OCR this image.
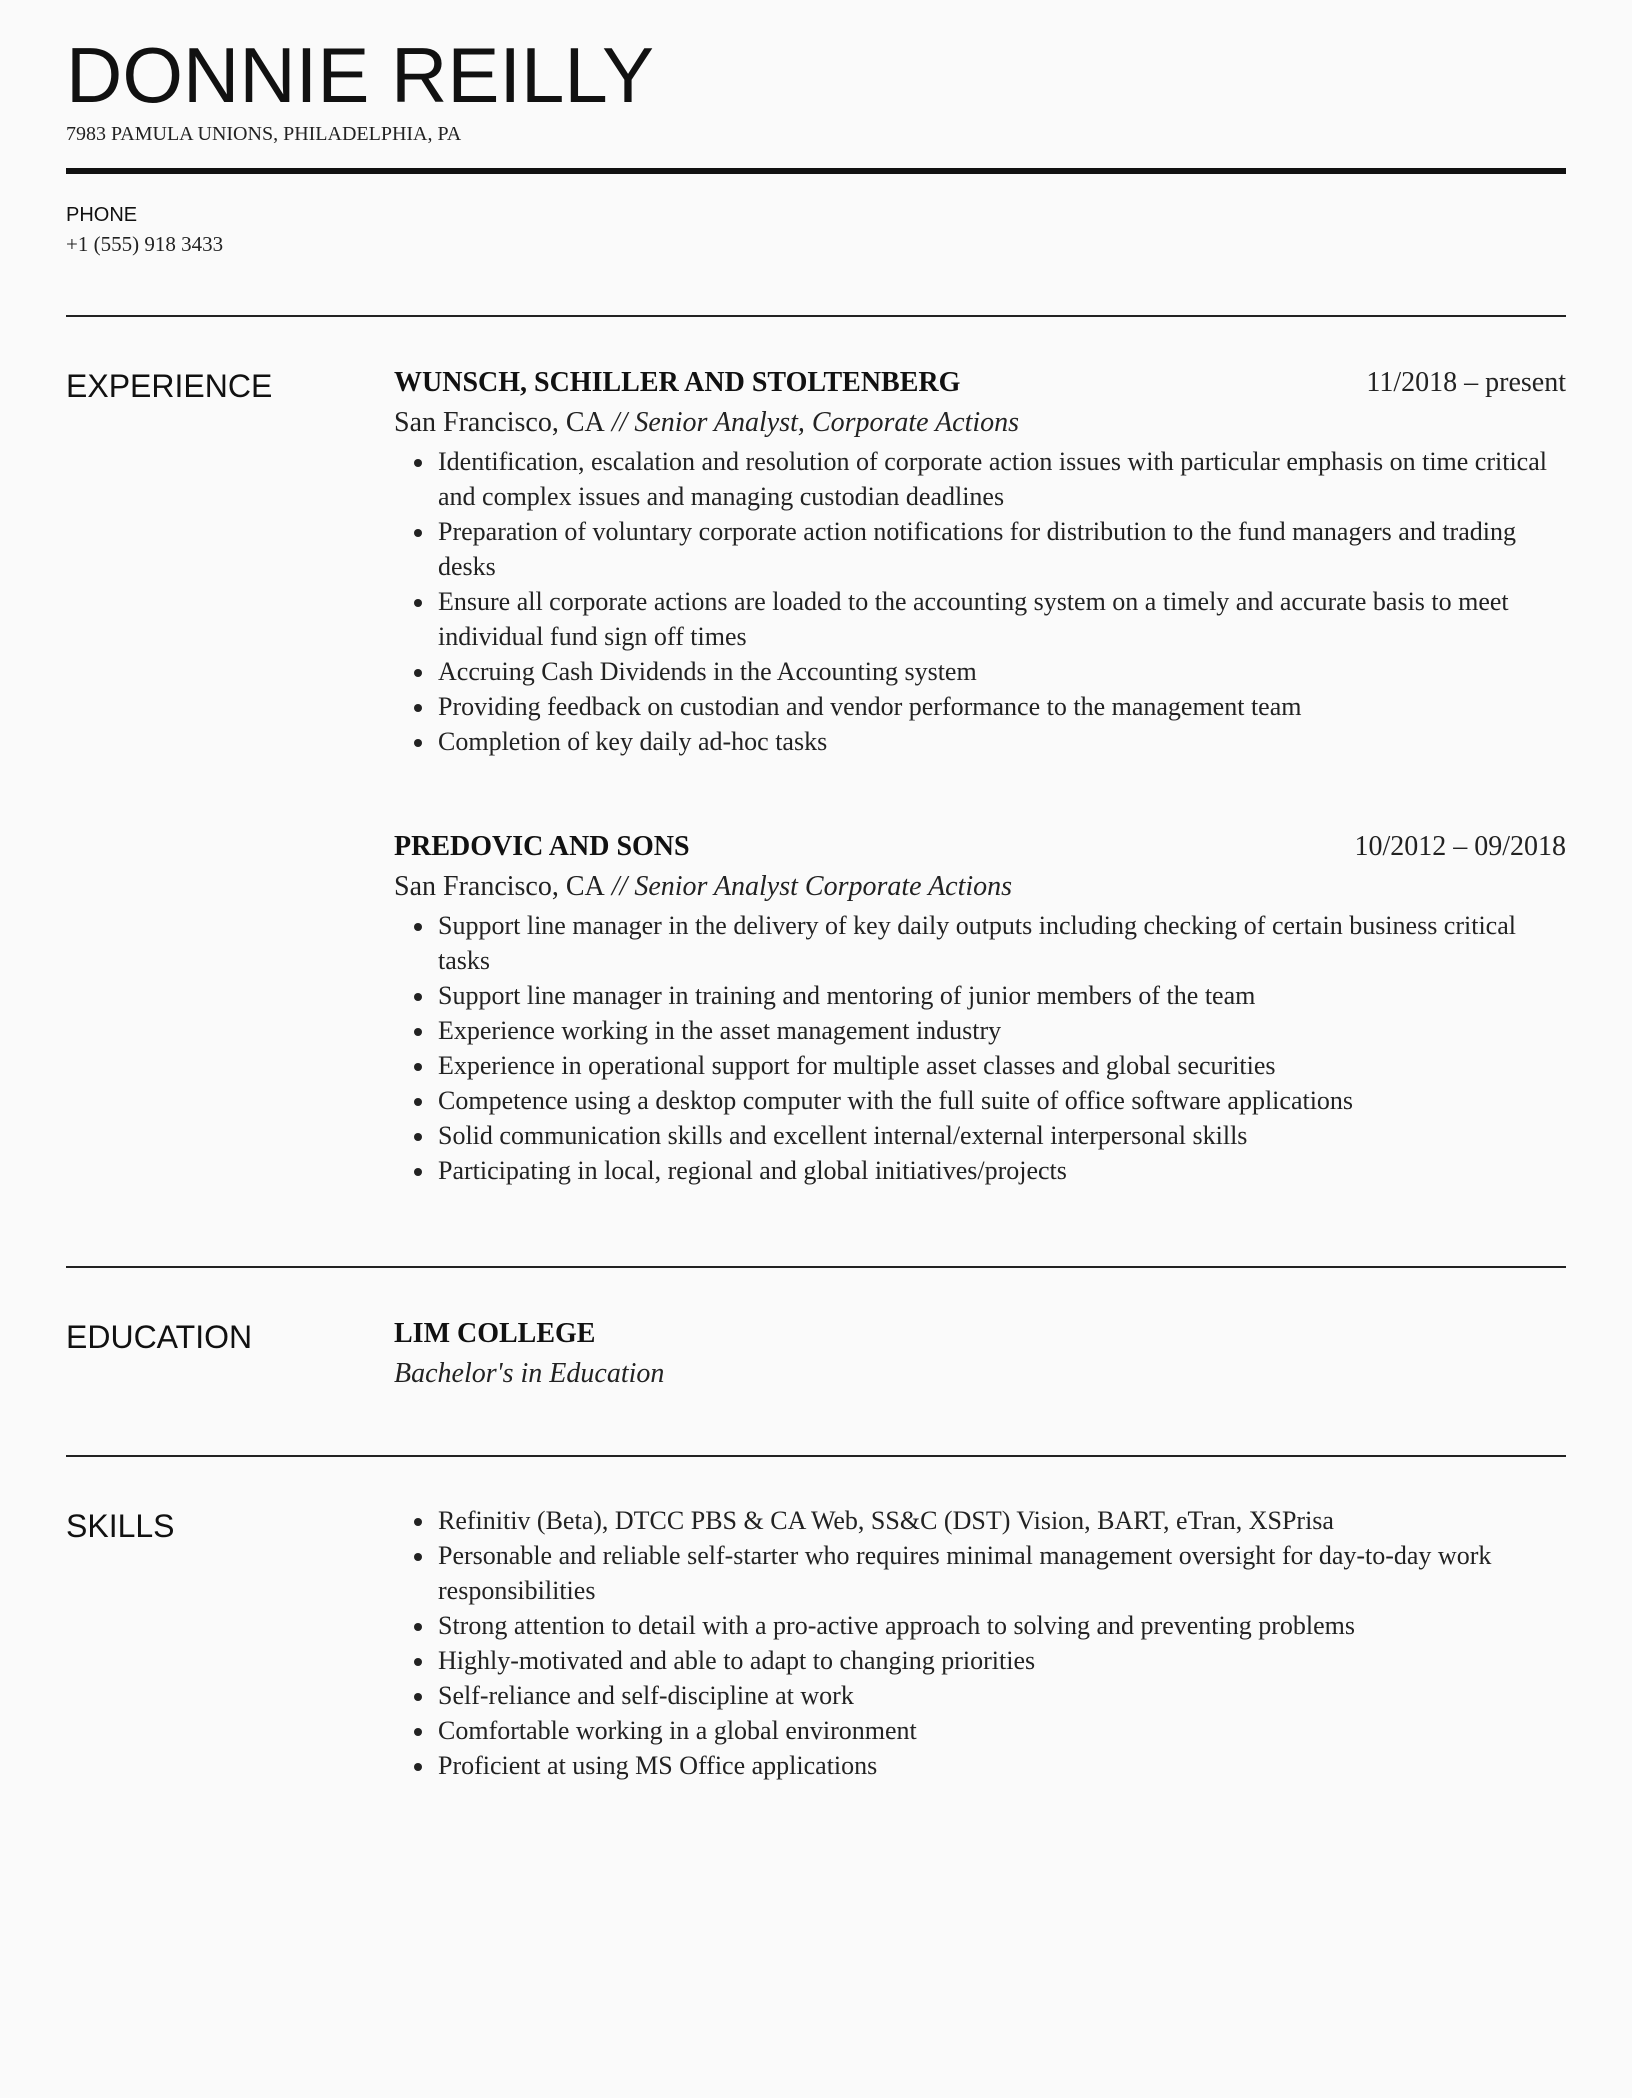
DONNIE REILLY
7983 PAMULA UNIONS, PHILADELPHIA, PA
PHONE
+1 (555) 918 3433
EXPERIENCE	WUNSCH, SCHILLER AND STOLTENBERG	11/2018 – present
San Francisco, CA // Senior Analyst, Corporate Actions
• Identification, escalation and resolution of corporate action issues with particular emphasis on time critical and complex issues and managing custodian deadlines
• Preparation of voluntary corporate action notifications for distribution to the fund managers and trading desks
• Ensure all corporate actions are loaded to the accounting system on a timely and accurate basis to meet individual fund sign off times
• Accruing Cash Dividends in the Accounting system
• Providing feedback on custodian and vendor performance to the management team
• Completion of key daily ad-hoc tasks
PREDOVIC AND SONS	10/2012 – 09/2018
San Francisco, CA // Senior Analyst Corporate Actions
• Support line manager in the delivery of key daily outputs including checking of certain business critical tasks
• Support line manager in training and mentoring of junior members of the team
• Experience working in the asset management industry
• Experience in operational support for multiple asset classes and global securities
• Competence using a desktop computer with the full suite of office software applications
• Solid communication skills and excellent internal/external interpersonal skills
• Participating in local, regional and global initiatives/projects
EDUCATION	LIM COLLEGE
Bachelor's in Education
SKILLS
•	Refinitiv (Beta), DTCC PBS & CA Web, SS&C (DST) Vision, BART, eTran, XSPrisa
• Personable and reliable self-starter who requires minimal management oversight for day-to-day work responsibilities
• Strong attention to detail with a pro-active approach to solving and preventing problems
• Highly-motivated and able to adapt to changing priorities
• Self-reliance and self-discipline at work
• Comfortable working in a global environment
• Proficient at using MS Office applications
